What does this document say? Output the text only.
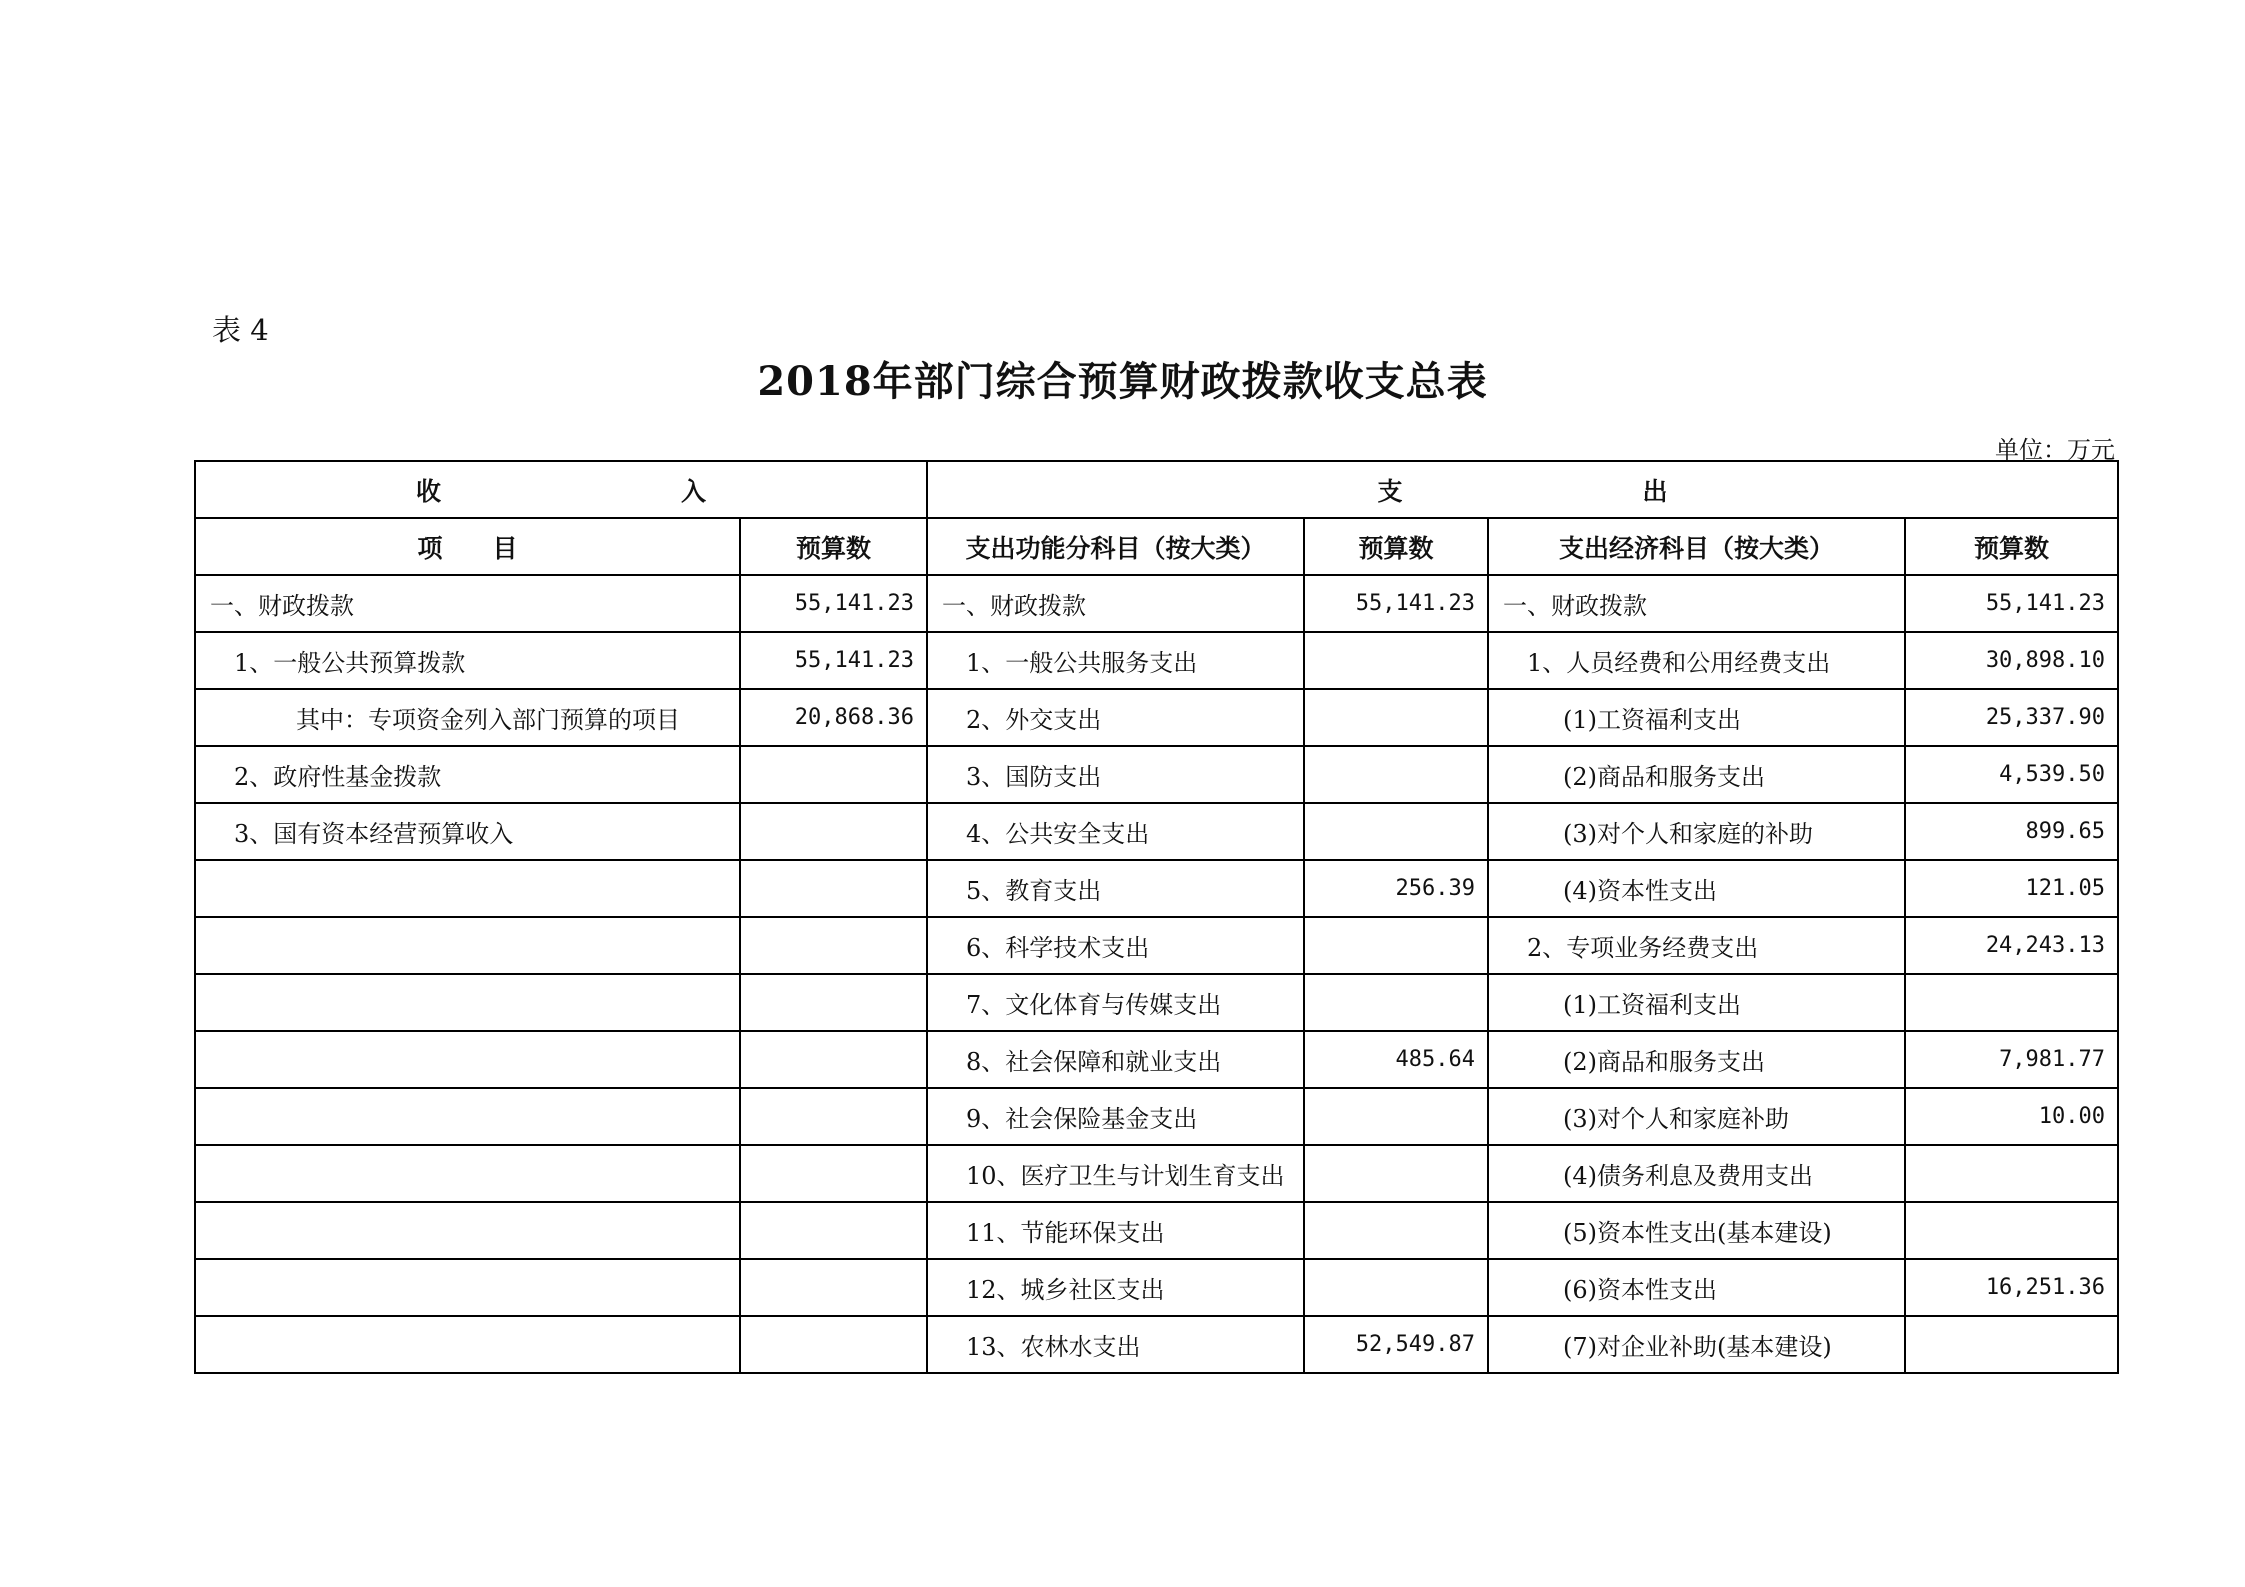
表 4
2018年部门综合预算财政拨款收支总表
单位：万元
收 入		支 出			
项　　目	预算数	支出功能分科目（按大类）	预算数	支出经济科目（按大类）	预算数
一、财政拨款	55,141.23	一、财政拨款	55,141.23	一、财政拨款	55,141.23
1、一般公共预算拨款	55,141.23	1、一般公共服务支出		1、人员经费和公用经费支出	30,898.10
其中：专项资金列入部门预算的项目	20,868.36	2、外交支出		(1)工资福利支出	25,337.90
2、政府性基金拨款		3、国防支出		(2)商品和服务支出	4,539.50
3、国有资本经营预算收入		4、公共安全支出		(3)对个人和家庭的补助	899.65
		5、教育支出	256.39	(4)资本性支出	121.05
		6、科学技术支出		2、专项业务经费支出	24,243.13
		7、文化体育与传媒支出		(1)工资福利支出	
		8、社会保障和就业支出	485.64	(2)商品和服务支出	7,981.77
		9、社会保险基金支出		(3)对个人和家庭补助	10.00
		10、医疗卫生与计划生育支出		(4)债务利息及费用支出	
		11、节能环保支出		(5)资本性支出(基本建设)	
		12、城乡社区支出		(6)资本性支出	16,251.36
		13、农林水支出	52,549.87	(7)对企业补助(基本建设)	
